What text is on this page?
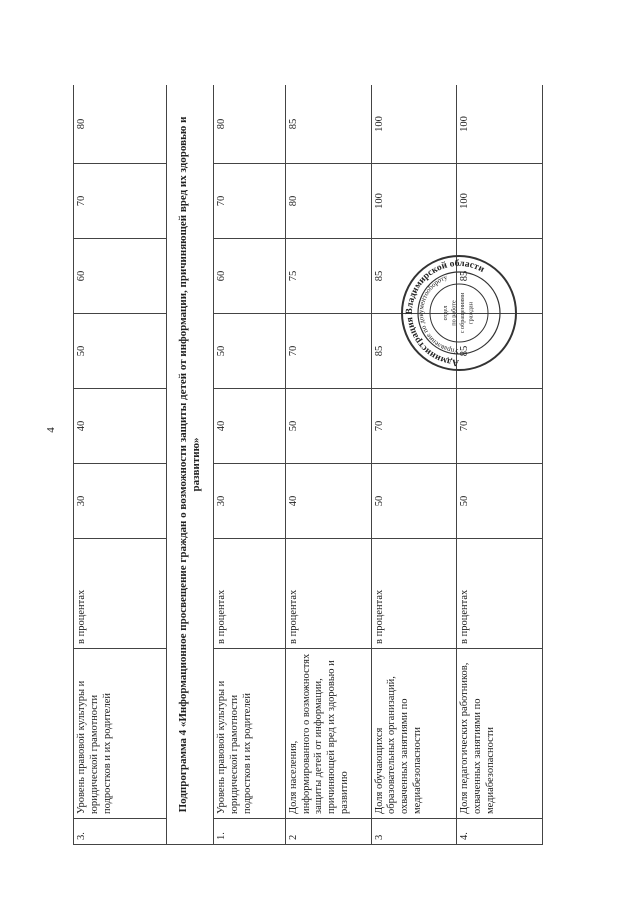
4
3.	Уровень правовой культуры и юридической грамотности подростков и их родителей	в процентах	30	40	50	60	70	80
Подпрограмма 4 «Информационное просвещение граждан о возможности защиты детей от информации, причиняющей вред их здоровью и развитию»								
1.	Уровень правовой культуры и юридической грамотности подростков и их родителей	в процентах	30	40	50	60	70	80
2	Доля населения, информированного о возможностях защиты детей от информации, причиняющей вред их здоровью и развитию	в процентах	40	50	70	75	80	85
3	Доля обучающихся образовательных организаций, охваченных занятиями по медиабезопасности	в процентах	50	70	85	85	100	100
4.	Доля педагогических работников, охваченных занятиями по медиабезопасности	в процентах	50	70	85	85	100	100
Администрация Владимирской области
Управление по документообороту
отдел по работе с обращениями граждан
